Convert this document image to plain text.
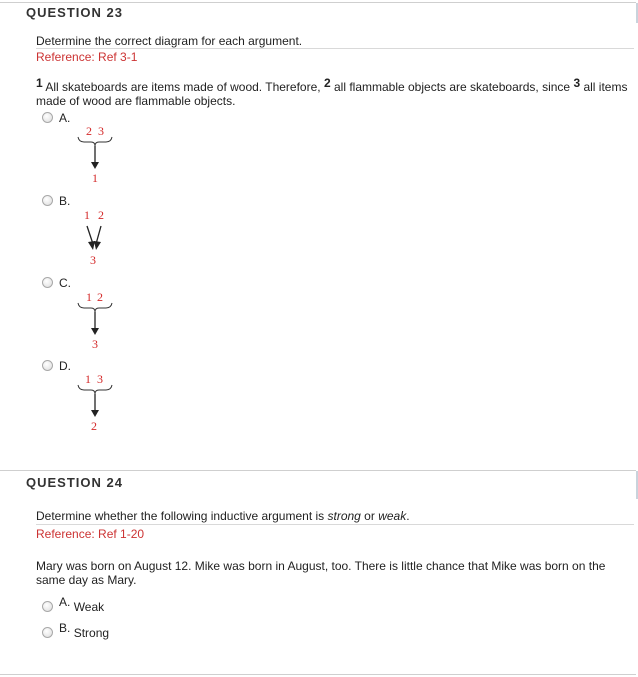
QUESTION 23
Determine the correct diagram for each argument.
Reference: Ref 3-1
$^1$ All skateboards are items made of wood. Therefore, $^2$ all flammable objects are skateboards, since $^3$ all items made of wood are flammable objects.
A.
2 3
1
B.
1 2
3
C.
1 2
3
D.
1 3
2
QUESTION 24
Determine whether the following inductive argument is strong or weak.
Reference: Ref 1-20
Mary was born on August 12. Mike was born in August, too. There is little chance that Mike was born on the same day as Mary.
A. Weak
B. Strong
